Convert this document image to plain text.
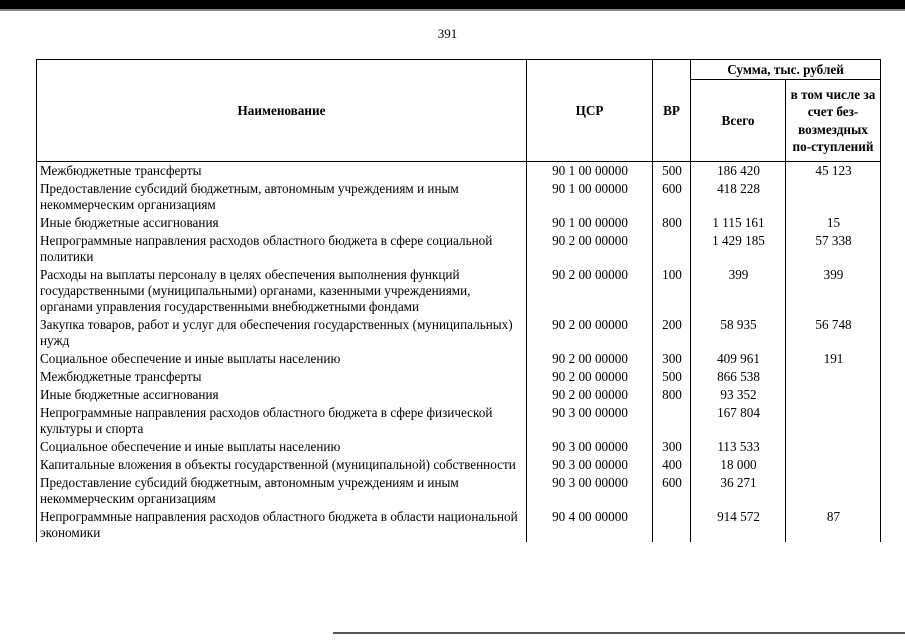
391
Наименование	ЦСР	ВР	Сумма, тыс. рублей	
			Всего	в том числе за счет без-возмездных по-ступлений
Межбюджетные трансферты	90 1 00 00000	500	186 420	45 123
Предоставление субсидий бюджетным, автономным учреждениям и иным некоммерческим организациям	90 1 00 00000	600	418 228	
Иные бюджетные ассигнования	90 1 00 00000	800	1 115 161	15
Непрограммные направления расходов областного бюджета в сфере социальной политики	90 2 00 00000		1 429 185	57 338
Расходы на выплаты персоналу в целях обеспечения выполнения функций государственными (муниципальными) органами, казенными учреждениями, органами управления государственными внебюджетными фондами	90 2 00 00000	100	399	399
Закупка товаров, работ и услуг для обеспечения государственных (муниципальных) нужд	90 2 00 00000	200	58 935	56 748
Социальное обеспечение и иные выплаты населению	90 2 00 00000	300	409 961	191
Межбюджетные трансферты	90 2 00 00000	500	866 538	
Иные бюджетные ассигнования	90 2 00 00000	800	93 352	
Непрограммные направления расходов областного бюджета в сфере физической культуры и спорта	90 3 00 00000		167 804	
Социальное обеспечение и иные выплаты населению	90 3 00 00000	300	113 533	
Капитальные вложения в объекты государственной (муниципальной) собственности	90 3 00 00000	400	18 000	
Предоставление субсидий бюджетным, автономным учреждениям и иным некоммерческим организациям	90 3 00 00000	600	36 271	
Непрограммные направления расходов областного бюджета в области национальной экономики	90 4 00 00000		914 572	87
